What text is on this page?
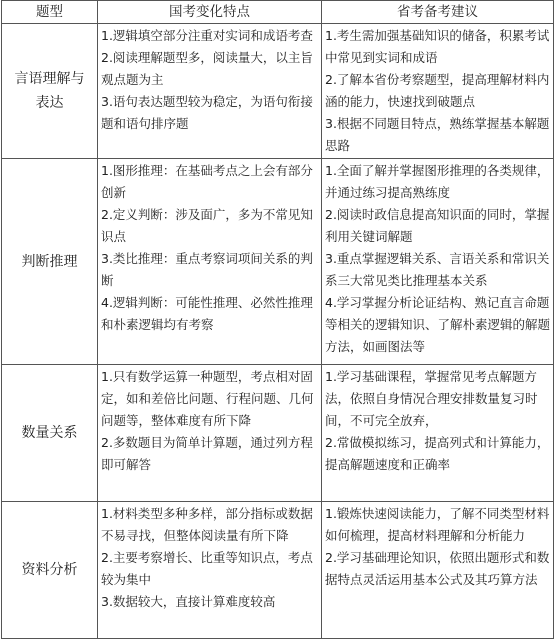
题型	国考变化特点	省考备考建议
言语理解与表达	1.逻辑填空部分注重对实词和成语考查
2.阅读理解题型多，阅读量大，以主旨观点题为主
3.语句表达题型较为稳定，为语句衔接题和语句排序题	1.考生需加强基础知识的储备，积累考试中常见到实词和成语
2.了解本省份考察题型，提高理解材料内涵的能力，快速找到破题点
3.根据不同题目特点，熟练掌握基本解题思路

判断推理	1.图形推理：在基础考点之上会有部分创新
2.定义判断：涉及面广，多为不常见知识点
3.类比推理：重点考察词项间关系的判断
4.逻辑判断：可能性推理、必然性推理和朴素逻辑均有考察	1.全面了解并掌握图形推理的各类规律，并通过练习提高熟练度
2.阅读时政信息提高知识面的同时，掌握利用关键词解题
3.重点掌握逻辑关系、言语关系和常识关系三大常见类比推理基本关系
4.学习掌握分析论证结构、熟记直言命题等相关的逻辑知识、了解朴素逻辑的解题方法，如画图法等

数量关系	1.只有数学运算一种题型，考点相对固定，如和差倍比问题、行程问题、几何问题等，整体难度有所下降
2.多数题目为简单计算题，通过列方程即可解答	1.学习基础课程，掌握常见考点解题方法，依照自身情况合理安排数量复习时间，不可完全放弃，
2.常做模拟练习，提高列式和计算能力，提高解题速度和正确率

资料分析	1.材料类型多种多样，部分指标或数据不易寻找，但整体阅读量有所下降
2.主要考察增长、比重等知识点，考点较为集中
3.数据较大，直接计算难度较高	1.锻炼快速阅读能力，了解不同类型材料如何梳理，提高材料理解和分析能力
2.学习基础理论知识，依照出题形式和数据特点灵活运用基本公式及其巧算方法
